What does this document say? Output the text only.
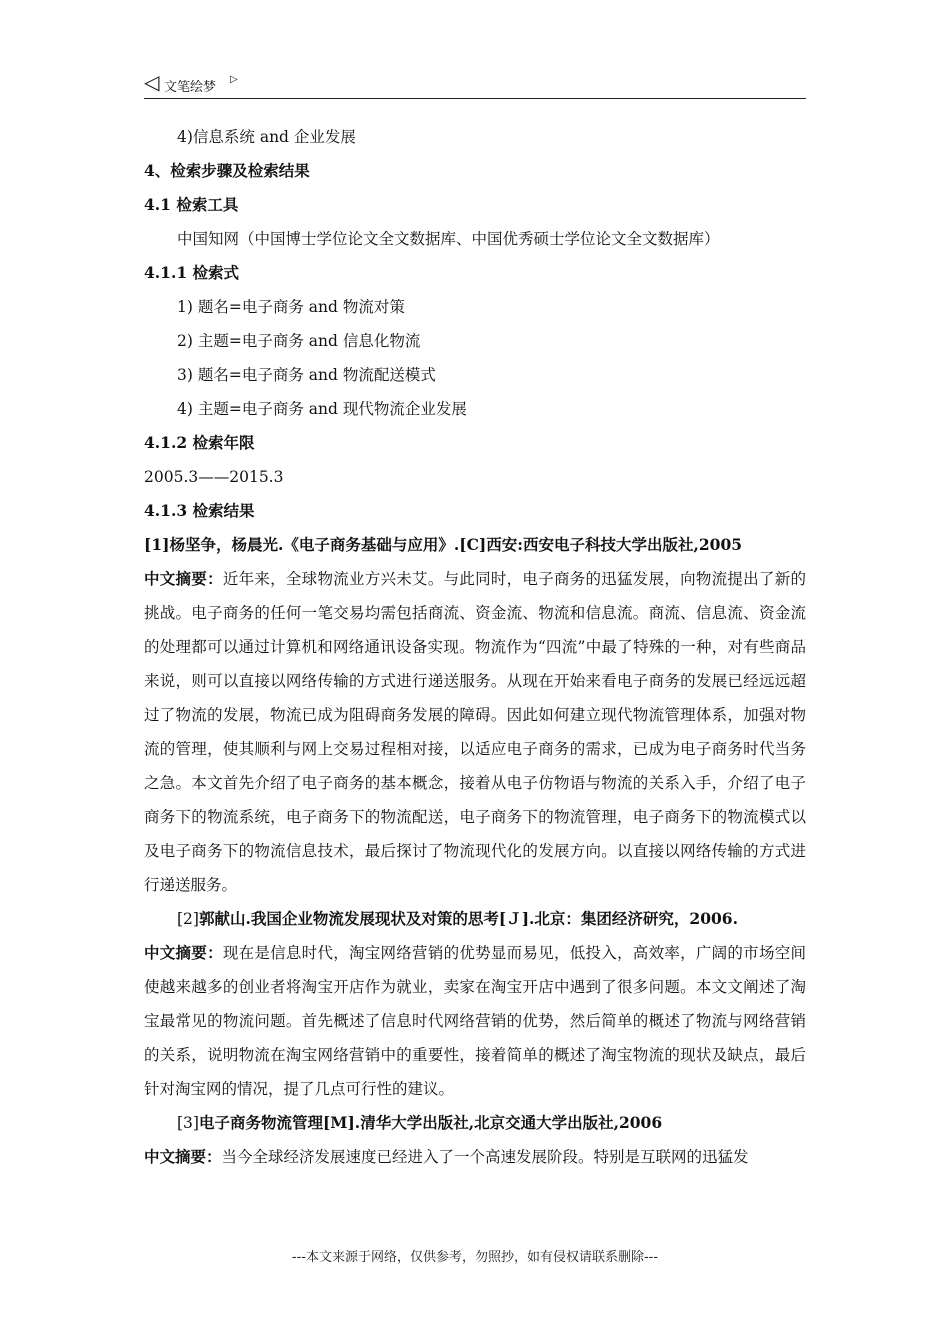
◁ 文笔绘梦
▷
4)信息系统 and 企业发展
4、检索步骤及检索结果
4.1 检索工具
中国知网（中国博士学位论文全文数据库、中国优秀硕士学位论文全文数据库）
4.1.1 检索式
1) 题名=电子商务 and 物流对策
2) 主题=电子商务 and 信息化物流
3) 题名=电子商务 and 物流配送模式
4) 主题=电子商务 and 现代物流企业发展
4.1.2 检索年限
2005.3——2015.3
4.1.3 检索结果
[1]杨坚争，杨晨光.《电子商务基础与应用》.[C]西安:西安电子科技大学出版社,2005
中文摘要：近年来，全球物流业方兴未艾。与此同时，电子商务的迅猛发展，向物流提出了新的挑战。电子商务的任何一笔交易均需包括商流、资金流、物流和信息流。商流、信息流、资金流的处理都可以通过计算机和网络通讯设备实现。物流作为“四流”中最了特殊的一种，对有些商品来说，则可以直接以网络传输的方式进行递送服务。从现在开始来看电子商务的发展已经远远超过了物流的发展，物流已成为阻碍商务发展的障碍。因此如何建立现代物流管理体系，加强对物流的管理，使其顺利与网上交易过程相对接，以适应电子商务的需求，已成为电子商务时代当务之急。本文首先介绍了电子商务的基本概念，接着从电子仿物语与物流的关系入手，介绍了电子商务下的物流系统，电子商务下的物流配送，电子商务下的物流管理，电子商务下的物流模式以及电子商务下的物流信息技术，最后探讨了物流现代化的发展方向。以直接以网络传输的方式进行递送服务。
[2]郭献山.我国企业物流发展现状及对策的思考[Ｊ].北京：集团经济研究，2006.
中文摘要：现在是信息时代，淘宝网络营销的优势显而易见，低投入，高效率，广阔的市场空间使越来越多的创业者将淘宝开店作为就业，卖家在淘宝开店中遇到了很多问题。本文文阐述了淘宝最常见的物流问题。首先概述了信息时代网络营销的优势，然后简单的概述了物流与网络营销的关系，说明物流在淘宝网络营销中的重要性，接着简单的概述了淘宝物流的现状及缺点，最后针对淘宝网的情况，提了几点可行性的建议。
[3]电子商务物流管理[M].清华大学出版社,北京交通大学出版社,2006
中文摘要：当今全球经济发展速度已经进入了一个高速发展阶段。特别是互联网的迅猛发
---本文来源于网络，仅供参考，勿照抄，如有侵权请联系删除---
